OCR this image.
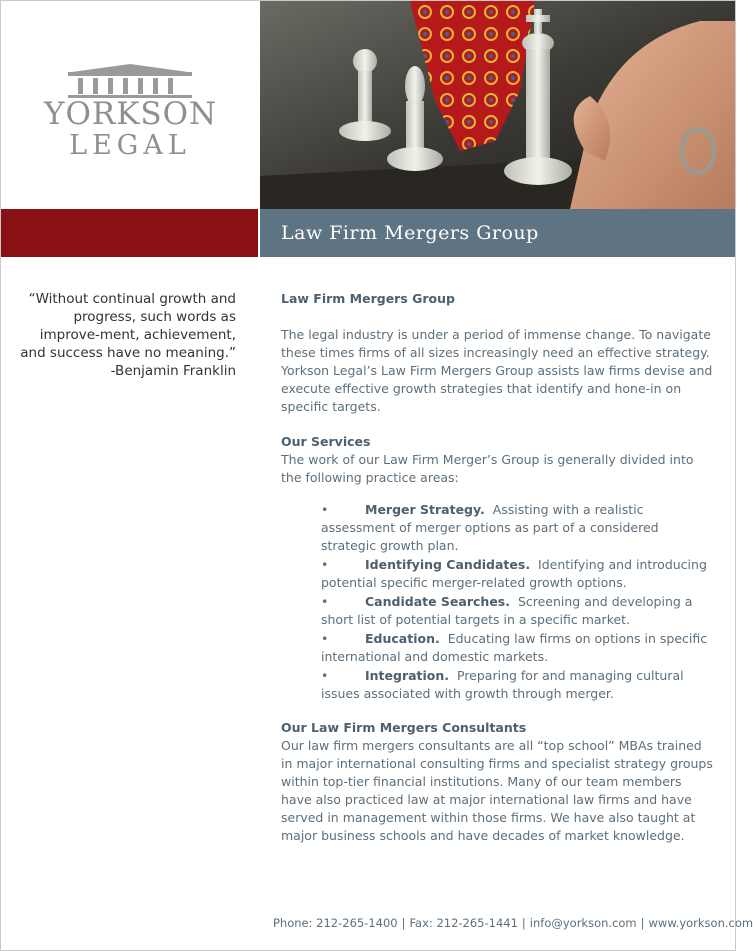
YORKSON
LEGAL
Law Firm Mergers Group
“Without continual growth and progress, such words as improve-ment, achievement, and success have no meaning.”
-Benjamin Franklin
Law Firm Mergers Group
The legal industry is under a period of immense change. To navigate these times firms of all sizes increasingly need an effective strategy. Yorkson Legal’s Law Firm Mergers Group assists law firms devise and execute effective growth strategies that identify and hone-in on specific targets.
Our Services
The work of our Law Firm Merger’s Group is generally divided into the following practice areas:
•	Merger Strategy. Assisting with a realistic assessment of merger options as part of a considered strategic growth plan.
•	Identifying Candidates. Identifying and introducing potential specific merger-related growth options.
•	Candidate Searches. Screening and developing a short list of potential targets in a specific market.
•	Education. Educating law firms on options in specific international and domestic markets.
•	Integration. Preparing for and managing cultural issues associated with growth through merger.
Our Law Firm Mergers Consultants
Our law firm mergers consultants are all “top school” MBAs trained in major international consulting firms and specialist strategy groups within top-tier financial institutions. Many of our team members have also practiced law at major international law firms and have served in management within those firms. We have also taught at major business schools and have decades of market knowledge.
Phone: 212-265-1400 | Fax: 212-265-1441 | info@yorkson.com | www.yorkson.com
